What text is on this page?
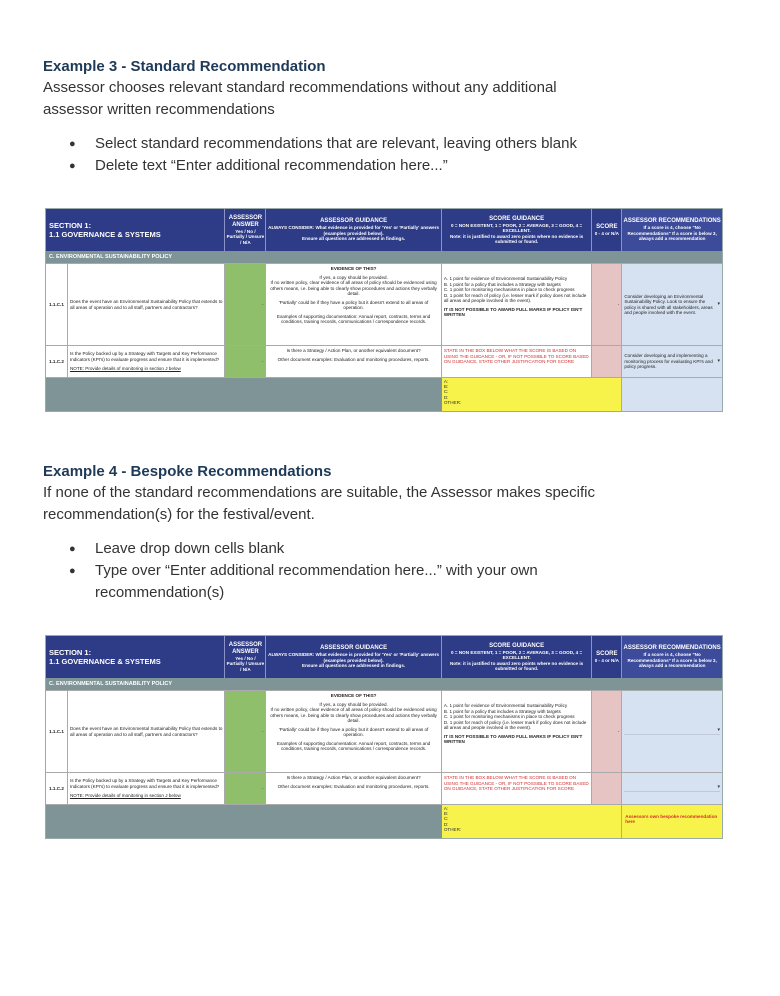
Example 3 - Standard Recommendation
Assessor chooses relevant standard recommendations without any additional
assessor written recommendations
● Select standard recommendations that are relevant, leaving others blank
● Delete text “Enter additional recommendation here...”
SECTION 1:
1.1 GOVERNANCE & SYSTEMS
ASSESSOR ANSWER
Yes / No / Partially / Unsure / N/A
ASSESSOR GUIDANCE
ALWAYS CONSIDER: What evidence is provided for 'Yes' or 'Partially' answers (examples provided below).
Ensure all questions are addressed in findings.
SCORE GUIDANCE
0 = NON EXISTENT, 1 = POOR, 2 = AVERAGE, 3 = GOOD, 4 = EXCELLENT.
Note: it is justified to award zero points where no evidence is submitted or found.
SCORE
0 - 4 or N/A
ASSESSOR RECOMMENDATIONS
If a score is 4, choose "No Recommendations" If a score is below 3, always add a recommendation
C. ENVIRONMENTAL SUSTAINABILITY POLICY
1.1.C.1
Does the event have an Environmental Sustainability Policy that extends to all areas of operation and to all staff, partners and contractors?
-
EVIDENCE OF THIS?
If yes, a copy should be provided.
If no written policy, clear evidence of all areas of policy should be evidenced using others means, i.e. being able to clearly show procedures and actions they verbally detail.
'Partially' could be if they have a policy but it doesn't extend to all areas of operation.
Examples of supporting documentation: Annual report, contracts, terms and conditions, training records, communications / correspondence records.
A. 1 point for evidence of Environmental Sustainability Policy
B. 1 point for a policy that includes a Strategy with targets
C. 1 point for monitoring mechanisms in place to check progress
D. 1 point for reach of policy (i.e. lesser mark if policy does not include all areas and people involved in the event).
IT IS NOT POSSIBLE TO AWARD FULL MARKS IF POLICY ISN'T WRITTEN
-
Consider developing an Environmental Sustainability Policy. Look to ensure the policy is shared with all stakeholders, areas and people involved with the event.
▾
1.1.C.2
Is the Policy backed up by a Strategy with Targets and Key Performance Indicators (KPI's) to evaluate progress and ensure that it is implemented?
NOTE: Provide details of monitoring in section J below
-
Is there a Strategy / Action Plan, or another equivalent document?
Other document examples: Evaluation and monitoring procedures, reports.
STATE IN THE BOX BELOW WHAT THE SCORE IS BASED ON USING THE GUIDANCE - OR, IF NOT POSSIBLE TO SCORE BASED ON GUIDANCE, STATE OTHER JUSTIFICATION FOR SCORE
Consider developing and implementing a monitoring process for evaluating KPI's and policy progress.
▾
A:
B:
C:
D:
OTHER:
Example 4 - Bespoke Recommendations
If none of the standard recommendations are suitable, the Assessor makes specific
recommendation(s) for the festival/event.
● Leave drop down cells blank
● Type over “Enter additional recommendation here...” with your own
recommendation(s)
SECTION 1:
1.1 GOVERNANCE & SYSTEMS
ASSESSOR ANSWER
Yes / No / Partially / Unsure / N/A
ASSESSOR GUIDANCE
ALWAYS CONSIDER: What evidence is provided for 'Yes' or 'Partially' answers (examples provided below).
Ensure all questions are addressed in findings.
SCORE GUIDANCE
0 = NON EXISTENT, 1 = POOR, 2 = AVERAGE, 3 = GOOD, 4 = EXCELLENT.
Note: it is justified to award zero points where no evidence is submitted or found.
SCORE
0 - 4 or N/A
ASSESSOR RECOMMENDATIONS
If a score is 4, choose "No Recommendations" If a score is below 3, always add a recommendation
C. ENVIRONMENTAL SUSTAINABILITY POLICY
1.1.C.1
Does the event have an Environmental Sustainability Policy that extends to all areas of operation and to all staff, partners and contractors?
-
EVIDENCE OF THIS?
If yes, a copy should be provided.
If no written policy, clear evidence of all areas of policy should be evidenced using others means, i.e. being able to clearly show procedures and actions they verbally detail.
'Partially' could be if they have a policy but it doesn't extend to all areas of operation.
Examples of supporting documentation: Annual report, contracts, terms and conditions, training records, communications / correspondence records.
A. 1 point for evidence of Environmental Sustainability Policy
B. 1 point for a policy that includes a Strategy with targets
C. 1 point for monitoring mechanisms in place to check progress
D. 1 point for reach of policy (i.e. lesser mark if policy does not include all areas and people involved in the event).
IT IS NOT POSSIBLE TO AWARD FULL MARKS IF POLICY ISN'T WRITTEN
-	▾
1.1.C.2
Is the Policy backed up by a Strategy with Targets and Key Performance Indicators (KPI's) to evaluate progress and ensure that it is implemented?
NOTE: Provide details of monitoring in section J below
-
Is there a Strategy / Action Plan, or another equivalent document?
Other document examples: Evaluation and monitoring procedures, reports.
STATE IN THE BOX BELOW WHAT THE SCORE IS BASED ON USING THE GUIDANCE - OR, IF NOT POSSIBLE TO SCORE BASED ON GUIDANCE, STATE OTHER JUSTIFICATION FOR SCORE	▾
A:
B:
C:
D:
OTHER:
Assessors own bespoke recommendation here
